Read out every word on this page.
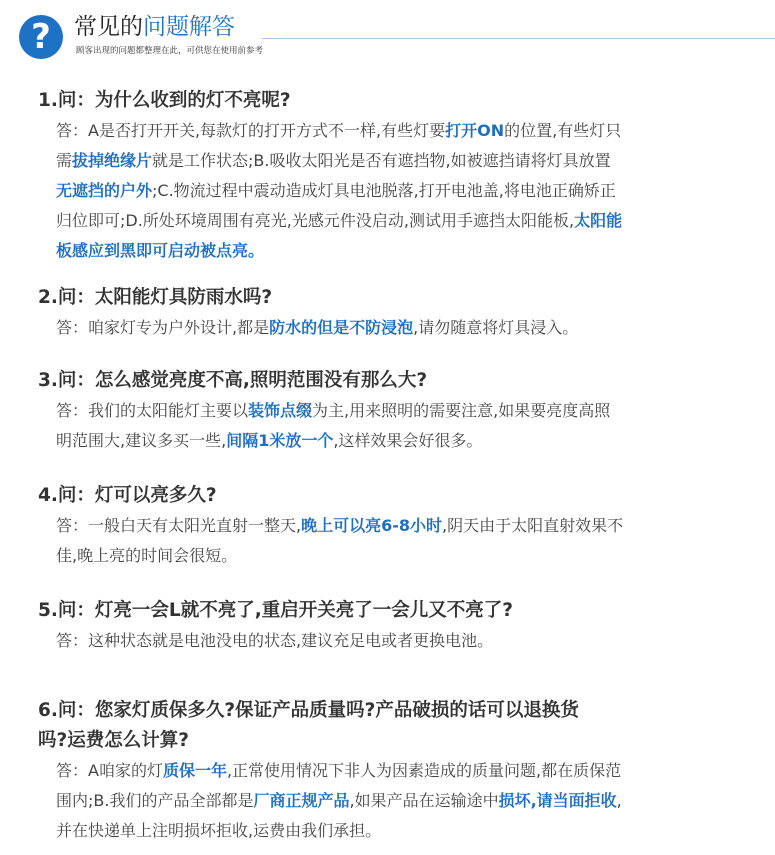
?	常见的问题解答
顾客出现的问题都整理在此，可供您在使用前参考
1.问：为什么收到的灯不亮呢?
答：A是否打开开关,每款灯的打开方式不一样,有些灯要打开ON的位置,有些灯只
需拔掉绝缘片就是工作状态;B.吸收太阳光是否有遮挡物,如被遮挡请将灯具放置
无遮挡的户外;C.物流过程中震动造成灯具电池脱落,打开电池盖,将电池正确矫正
归位即可;D.所处环境周围有亮光,光感元件没启动,测试用手遮挡太阳能板,太阳能
板感应到黑即可启动被点亮。
2.问：太阳能灯具防雨水吗?
答：咱家灯专为户外设计,都是防水的但是不防浸泡,请勿随意将灯具浸入。
3.问：怎么感觉亮度不高,照明范围没有那么大?
答：我们的太阳能灯主要以装饰点缀为主,用来照明的需要注意,如果要亮度高照
明范围大,建议多买一些,间隔1米放一个,这样效果会好很多。
4.问：灯可以亮多久?
答：一般白天有太阳光直射一整天,晚上可以亮6-8小时,阴天由于太阳直射效果不
佳,晚上亮的时间会很短。
5.问：灯亮一会L就不亮了,重启开关亮了一会儿又不亮了?
答：这种状态就是电池没电的状态,建议充足电或者更换电池。
6.问：您家灯质保多久?保证产品质量吗?产品破损的话可以退换货
吗?运费怎么计算?
答：A咱家的灯质保一年,正常使用情况下非人为因素造成的质量问题,都在质保范
围内;B.我们的产品全部都是厂商正规产品,如果产品在运输途中损坏,请当面拒收,
并在快递单上注明损坏拒收,运费由我们承担。
